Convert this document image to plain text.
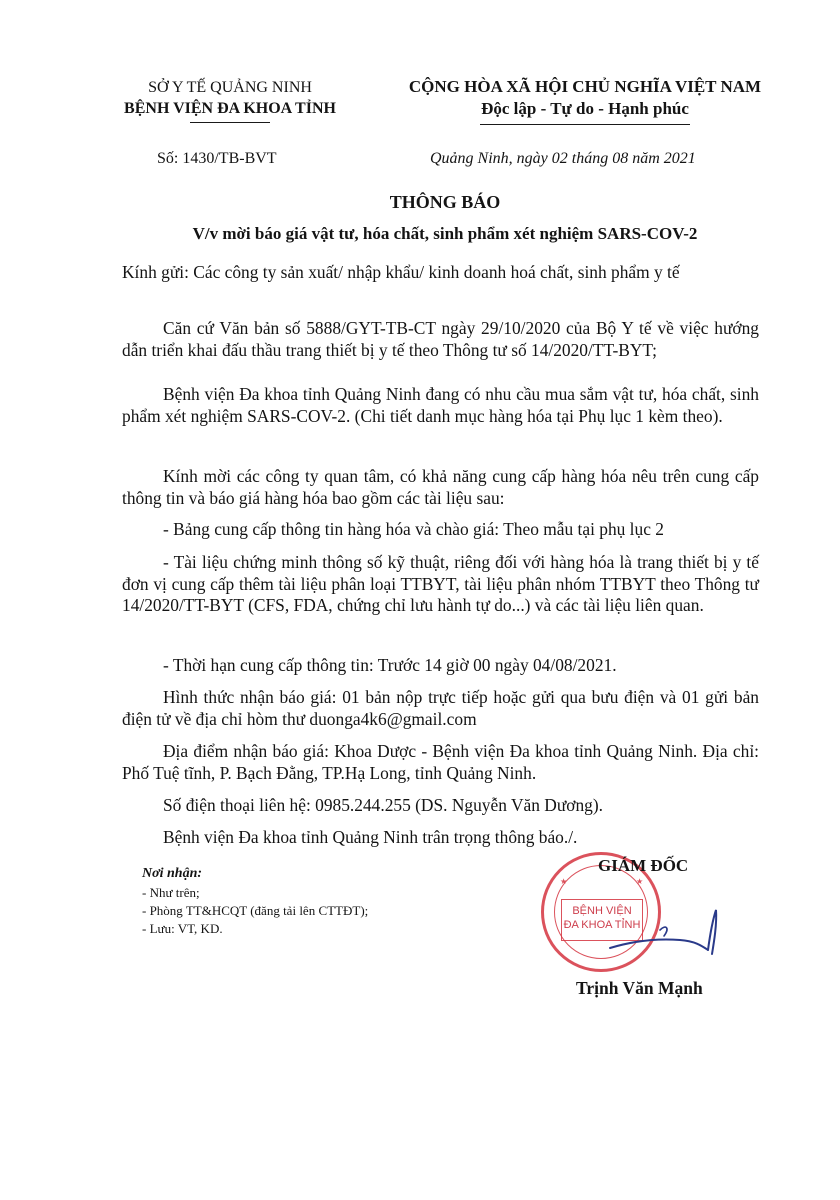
SỞ Y TẾ QUẢNG NINH
BỆNH VIỆN ĐA KHOA TỈNH
CỘNG HÒA XÃ HỘI CHỦ NGHĨA VIỆT NAM
Độc lập - Tự do - Hạnh phúc
Số: 1430/TB-BVT	Quảng Ninh, ngày 02 tháng 08 năm 2021
THÔNG BÁO
V/v mời báo giá vật tư, hóa chất, sinh phẩm xét nghiệm SARS-COV-2
Kính gửi: Các công ty sản xuất/ nhập khẩu/ kinh doanh hoá chất, sinh phẩm y tế
Căn cứ Văn bản số 5888/GYT-TB-CT ngày 29/10/2020 của Bộ Y tế về việc hướng dẫn triển khai đấu thầu trang thiết bị y tế theo Thông tư số 14/2020/TT-BYT;
Bệnh viện Đa khoa tỉnh Quảng Ninh đang có nhu cầu mua sắm vật tư, hóa chất, sinh phẩm xét nghiệm SARS-COV-2. (Chi tiết danh mục hàng hóa tại Phụ lục 1 kèm theo).
Kính mời các công ty quan tâm, có khả năng cung cấp hàng hóa nêu trên cung cấp thông tin và báo giá hàng hóa bao gồm các tài liệu sau:
- Bảng cung cấp thông tin hàng hóa và chào giá: Theo mẫu tại phụ lục 2
- Tài liệu chứng minh thông số kỹ thuật, riêng đối với hàng hóa là trang thiết bị y tế đơn vị cung cấp thêm tài liệu phân loại TTBYT, tài liệu phân nhóm TTBYT theo Thông tư 14/2020/TT-BYT (CFS, FDA, chứng chỉ lưu hành tự do...) và các tài liệu liên quan.
- Thời hạn cung cấp thông tin: Trước 14 giờ 00 ngày 04/08/2021.
Hình thức nhận báo giá: 01 bản nộp trực tiếp hoặc gửi qua bưu điện và 01 gửi bản điện tử về địa chỉ hòm thư duonga4k6@gmail.com
Địa điểm nhận báo giá: Khoa Dược - Bệnh viện Đa khoa tỉnh Quảng Ninh. Địa chỉ: Phố Tuệ tĩnh, P. Bạch Đằng, TP.Hạ Long, tỉnh Quảng Ninh.
Số điện thoại liên hệ: 0985.244.255 (DS. Nguyễn Văn Dương).
Bệnh viện Đa khoa tỉnh Quảng Ninh trân trọng thông báo./.
Nơi nhận:
- Như trên;
- Phòng TT&HCQT (đăng tải lên CTTĐT);
- Lưu: VT, KD.
★	★
BỆNH VIỆN
ĐA KHOA TỈNH
GIÁM ĐỐC
Trịnh Văn Mạnh
